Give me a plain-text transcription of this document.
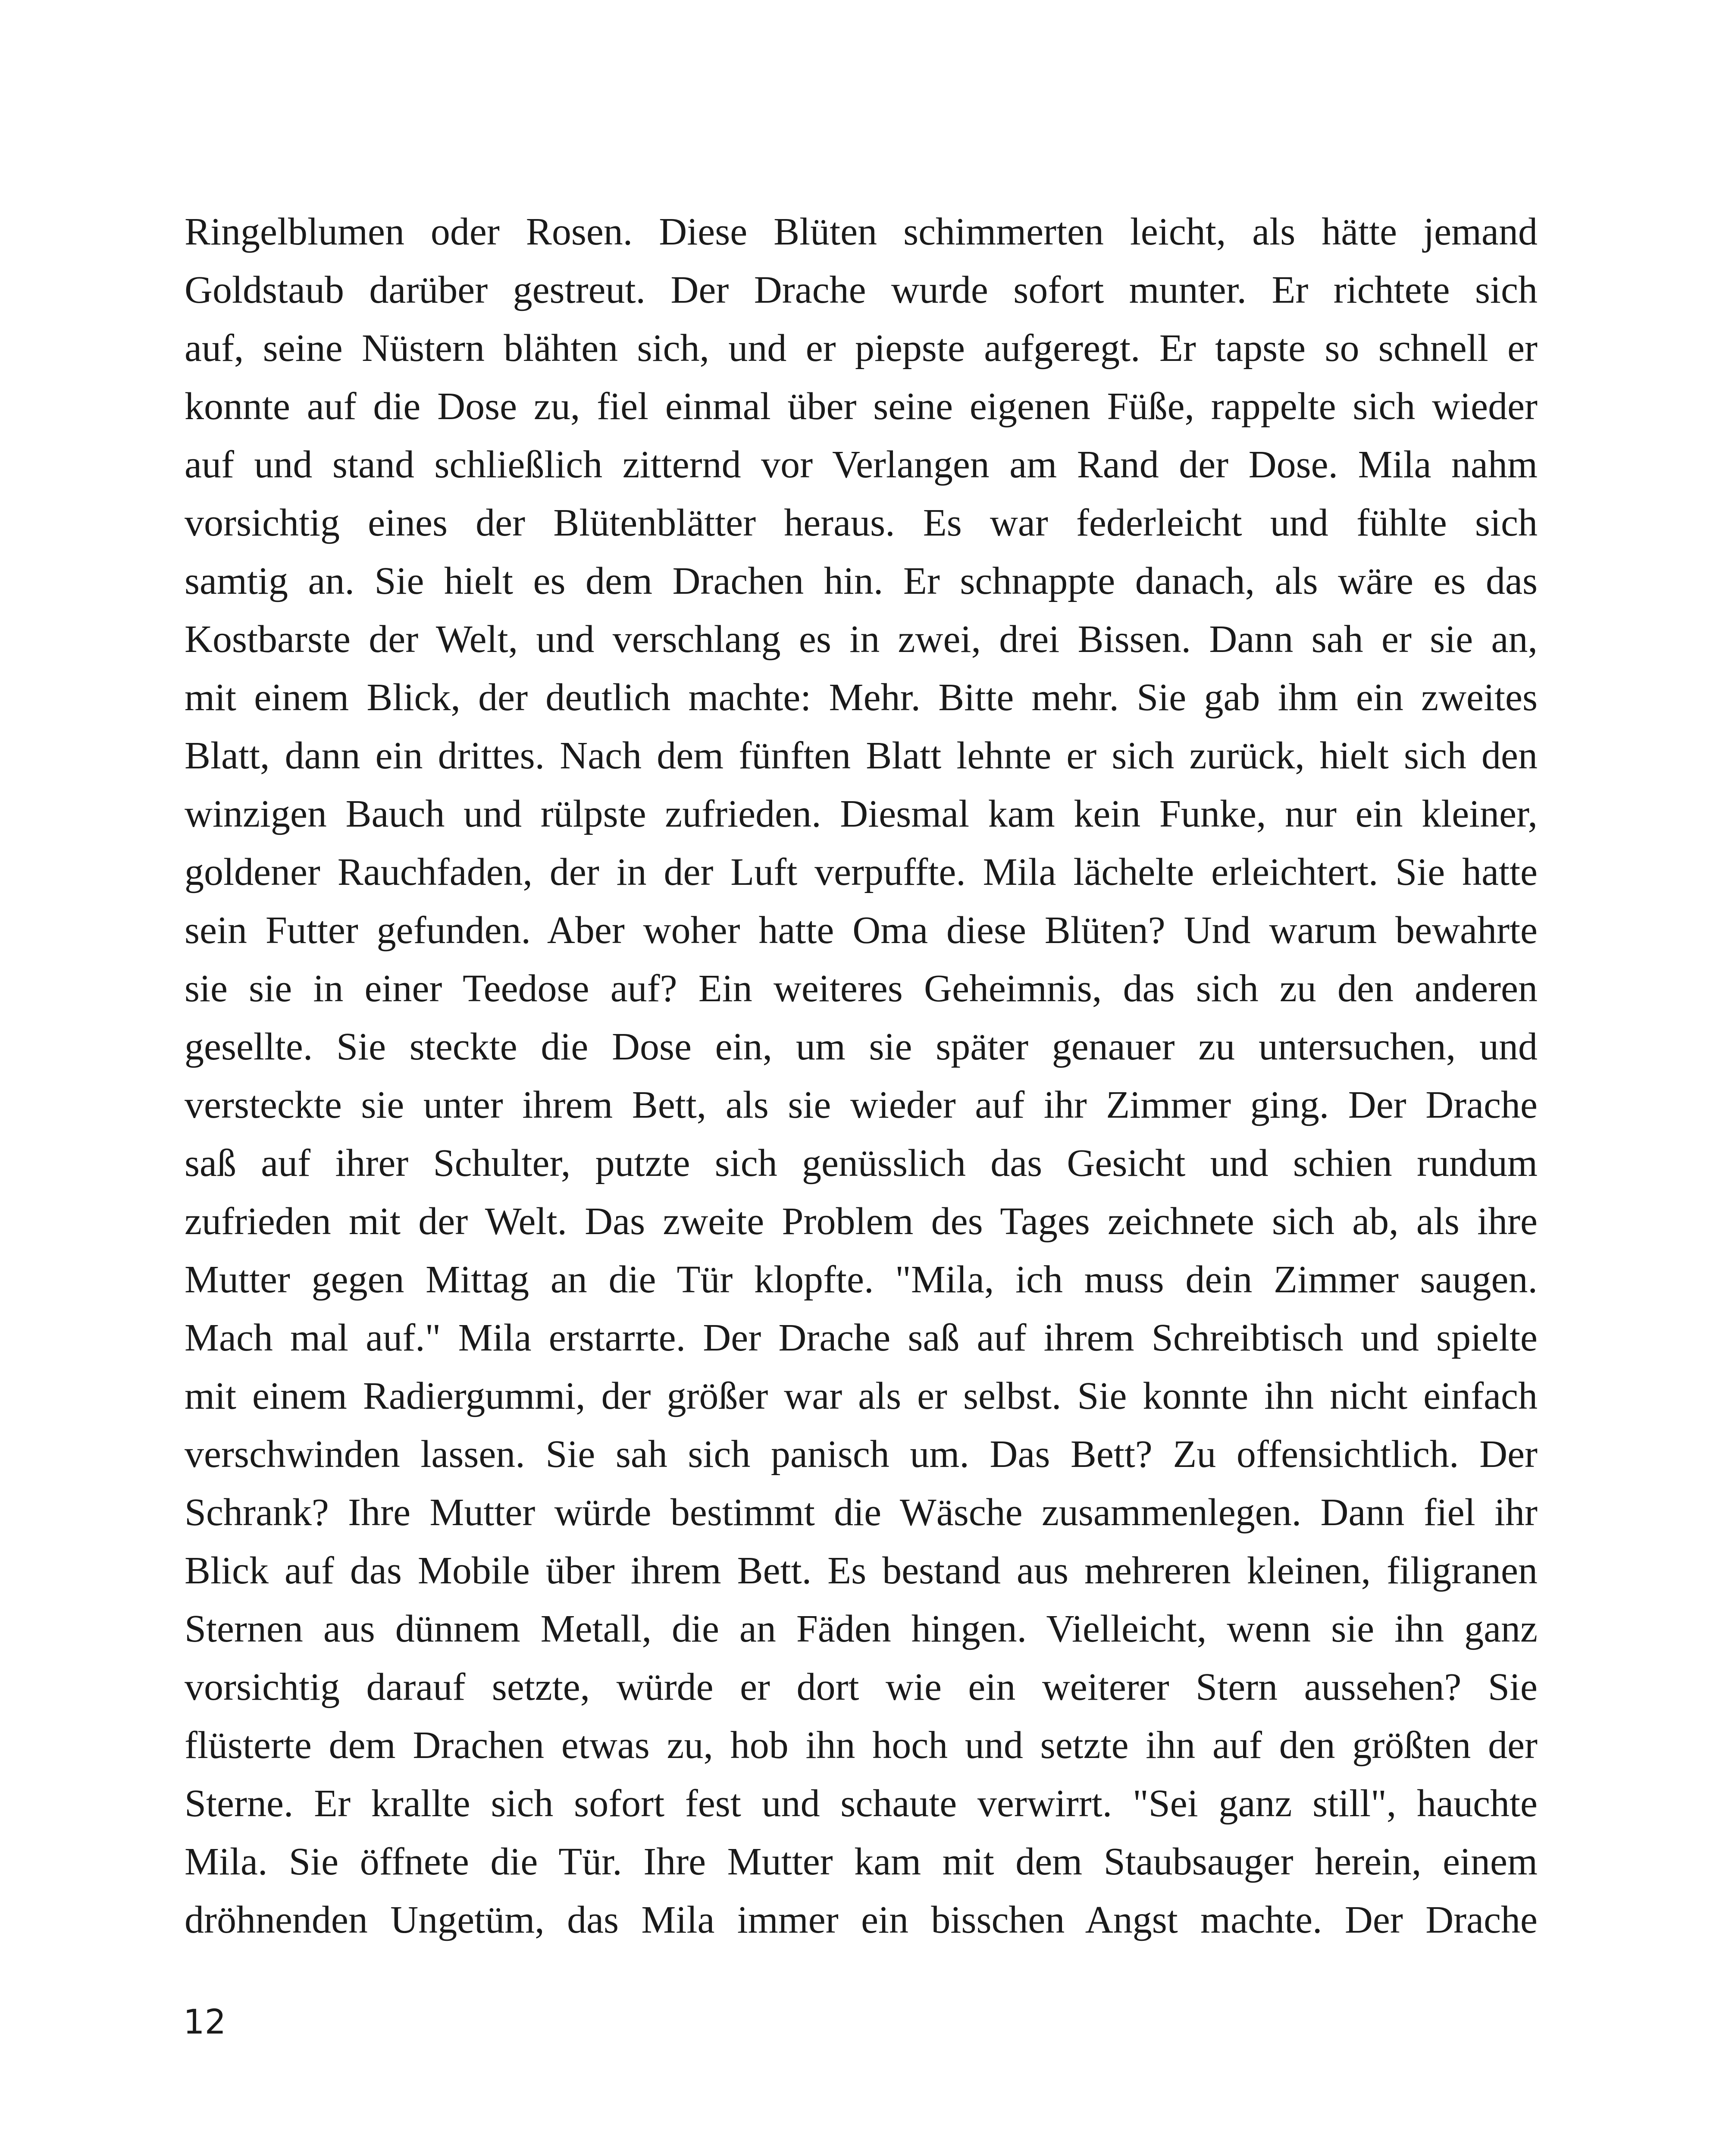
Ringelblumen oder Rosen. Diese Blüten schimmerten leicht, als hätte jemand
Goldstaub darüber gestreut. Der Drache wurde sofort munter. Er richtete sich
auf, seine Nüstern blähten sich, und er piepste aufgeregt. Er tapste so schnell er
konnte auf die Dose zu, fiel einmal über seine eigenen Füße, rappelte sich wieder
auf und stand schließlich zitternd vor Verlangen am Rand der Dose. Mila nahm
vorsichtig eines der Blütenblätter heraus. Es war federleicht und fühlte sich
samtig an. Sie hielt es dem Drachen hin. Er schnappte danach, als wäre es das
Kostbarste der Welt, und verschlang es in zwei, drei Bissen. Dann sah er sie an,
mit einem Blick, der deutlich machte: Mehr. Bitte mehr. Sie gab ihm ein zweites
Blatt, dann ein drittes. Nach dem fünften Blatt lehnte er sich zurück, hielt sich den
winzigen Bauch und rülpste zufrieden. Diesmal kam kein Funke, nur ein kleiner,
goldener Rauchfaden, der in der Luft verpuffte. Mila lächelte erleichtert. Sie hatte
sein Futter gefunden. Aber woher hatte Oma diese Blüten? Und warum bewahrte
sie sie in einer Teedose auf? Ein weiteres Geheimnis, das sich zu den anderen
gesellte. Sie steckte die Dose ein, um sie später genauer zu untersuchen, und
versteckte sie unter ihrem Bett, als sie wieder auf ihr Zimmer ging. Der Drache
saß auf ihrer Schulter, putzte sich genüsslich das Gesicht und schien rundum
zufrieden mit der Welt. Das zweite Problem des Tages zeichnete sich ab, als ihre
Mutter gegen Mittag an die Tür klopfte. "Mila, ich muss dein Zimmer saugen.
Mach mal auf." Mila erstarrte. Der Drache saß auf ihrem Schreibtisch und spielte
mit einem Radiergummi, der größer war als er selbst. Sie konnte ihn nicht einfach
verschwinden lassen. Sie sah sich panisch um. Das Bett? Zu offensichtlich. Der
Schrank? Ihre Mutter würde bestimmt die Wäsche zusammenlegen. Dann fiel ihr
Blick auf das Mobile über ihrem Bett. Es bestand aus mehreren kleinen, filigranen
Sternen aus dünnem Metall, die an Fäden hingen. Vielleicht, wenn sie ihn ganz
vorsichtig darauf setzte, würde er dort wie ein weiterer Stern aussehen? Sie
flüsterte dem Drachen etwas zu, hob ihn hoch und setzte ihn auf den größten der
Sterne. Er krallte sich sofort fest und schaute verwirrt. "Sei ganz still", hauchte
Mila. Sie öffnete die Tür. Ihre Mutter kam mit dem Staubsauger herein, einem
dröhnenden Ungetüm, das Mila immer ein bisschen Angst machte. Der Drache
12
